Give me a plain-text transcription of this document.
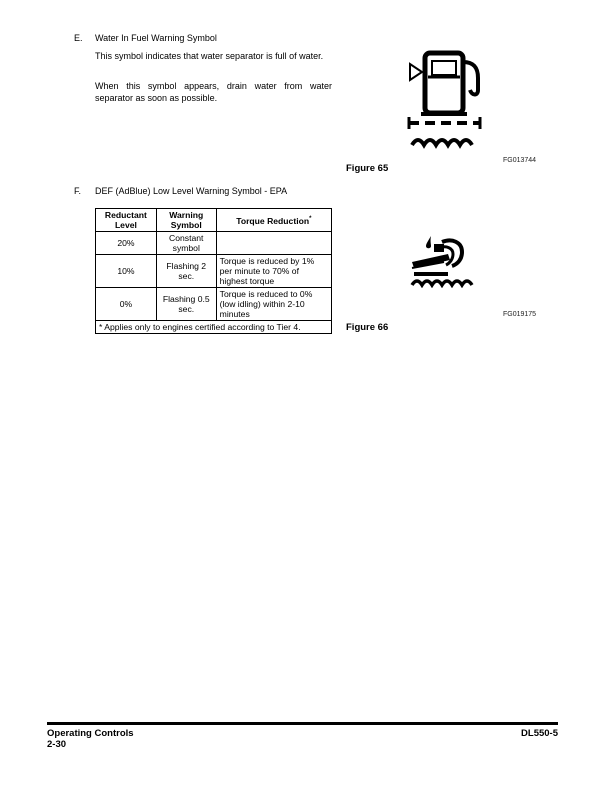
E. Water In Fuel Warning Symbol
This symbol indicates that water separator is full of water.
When this symbol appears, drain water from water separator as soon as possible.
FG013744
Figure 65
F. DEF (AdBlue) Low Level Warning Symbol - EPA
Reductant Level	Warning Symbol	Torque Reduction*
20%	Constant symbol	
10%	Flashing 2 sec.	Torque is reduced by 1% per minute to 70% of highest torque
0%	Flashing 0.5 sec.	Torque is reduced to 0% (low idling) within 2-10 minutes
* Applies only to engines certified according to Tier 4.		
FG019175
Figure 66
Operating Controls
2-30
DL550-5
